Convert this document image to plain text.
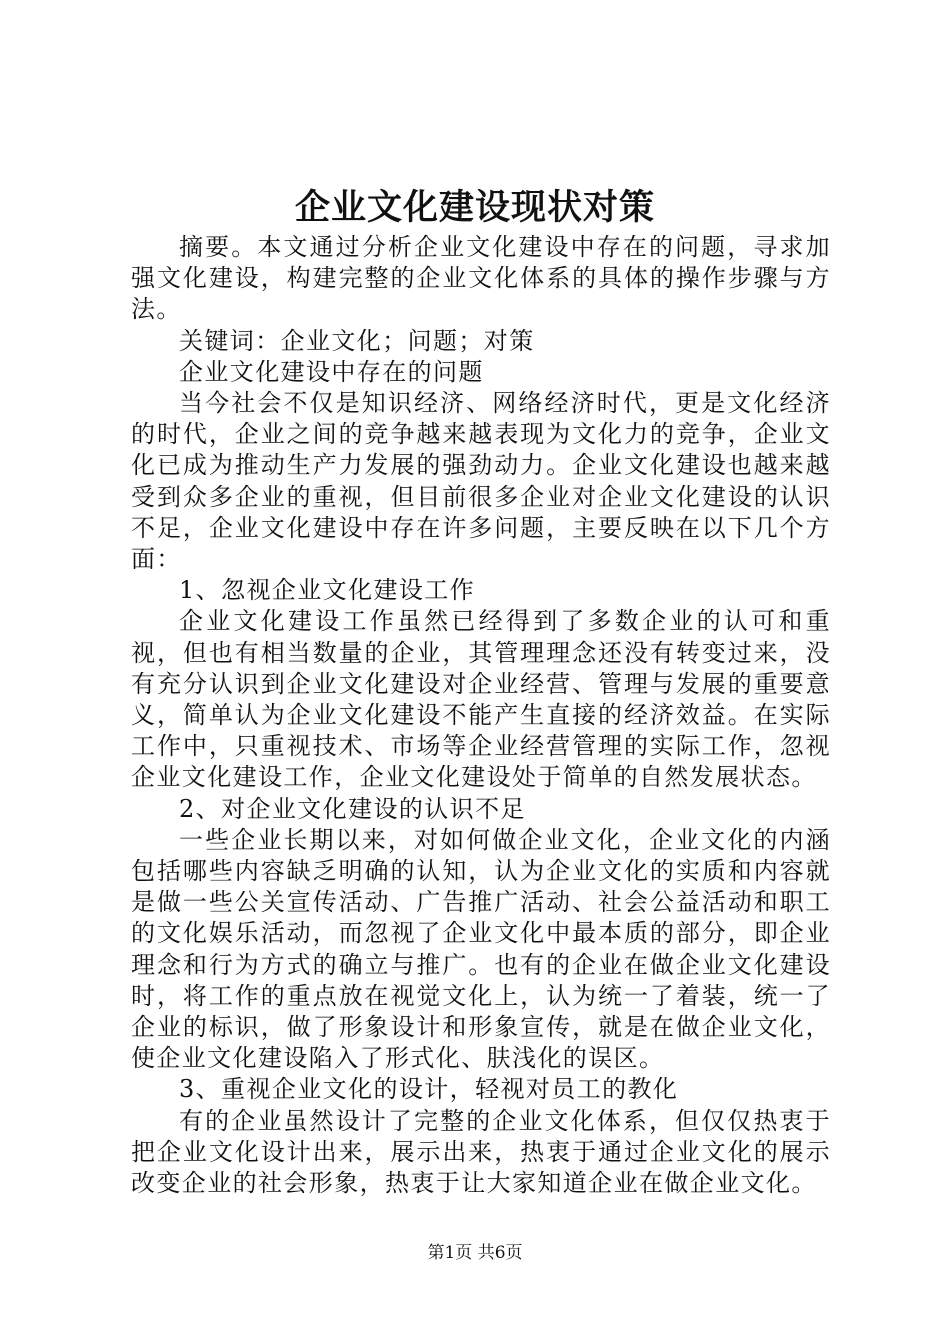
企业文化建设现状对策

摘要。本文通过分析企业文化建设中存在的问题，寻求加强文化建设，构建完整的企业文化体系的具体的操作步骤与方法。

关键词：企业文化；问题；对策

企业文化建设中存在的问题

当今社会不仅是知识经济、网络经济时代，更是文化经济的时代，企业之间的竞争越来越表现为文化力的竞争，企业文化已成为推动生产力发展的强劲动力。企业文化建设也越来越受到众多企业的重视，但目前很多企业对企业文化建设的认识不足，企业文化建设中存在许多问题，主要反映在以下几个方面：

1、忽视企业文化建设工作

企业文化建设工作虽然已经得到了多数企业的认可和重视，但也有相当数量的企业，其管理理念还没有转变过来，没有充分认识到企业文化建设对企业经营、管理与发展的重要意义，简单认为企业文化建设不能产生直接的经济效益。在实际工作中，只重视技术、市场等企业经营管理的实际工作，忽视企业文化建设工作，企业文化建设处于简单的自然发展状态。

2、对企业文化建设的认识不足

一些企业长期以来，对如何做企业文化，企业文化的内涵包括哪些内容缺乏明确的认知，认为企业文化的实质和内容就是做一些公关宣传活动、广告推广活动、社会公益活动和职工的文化娱乐活动，而忽视了企业文化中最本质的部分，即企业理念和行为方式的确立与推广。也有的企业在做企业文化建设时，将工作的重点放在视觉文化上，认为统一了着装，统一了企业的标识，做了形象设计和形象宣传，就是在做企业文化，使企业文化建设陷入了形式化、肤浅化的误区。

3、重视企业文化的设计，轻视对员工的教化

有的企业虽然设计了完整的企业文化体系，但仅仅热衷于把企业文化设计出来，展示出来，热衷于通过企业文化的展示改变企业的社会形象，热衷于让大家知道企业在做企业文化。

第1页 共6页
